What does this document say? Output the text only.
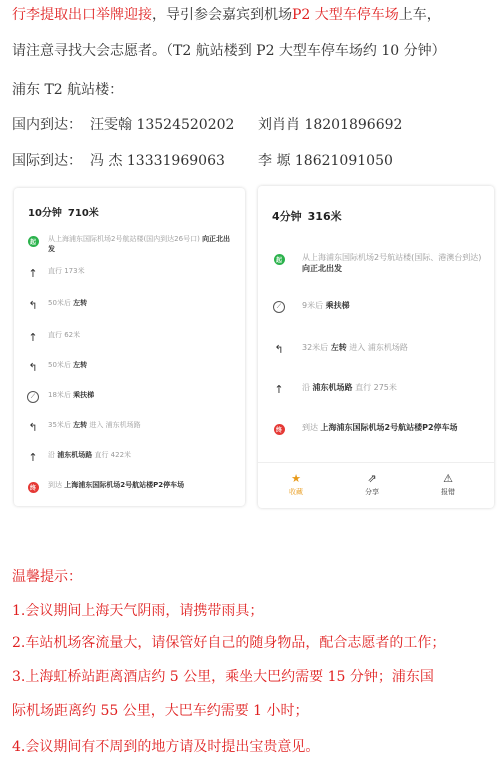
行李提取出口举牌迎接，导引参会嘉宾到机场P2 大型车停车场上车，
请注意寻找大会志愿者。（T2 航站楼到 P2 大型车停车场约 10 分钟）
浦东 T2 航站楼：
国内到达： 汪雯翰 13524520202 刘肖肖 18201896692
国际到达： 冯 杰 13331969063 李 塬 18621091050
10分钟 710米
起	从上海浦东国际机场2号航站楼(国内到达26号口) 向正北出发
↑	直行 173米
↰	50米后 左转
↑	直行 62米
↰	50米后 左转
⟋	18米后 乘扶梯
↰	35米后 左转 进入 浦东机场路
↑	沿 浦东机场路 直行 422米
终	到达 上海浦东国际机场2号航站楼P2停车场
4分钟 316米
起	从上海浦东国际机场2号航站楼(国际、港澳台到达) 向正北出发
⟋	9米后 乘扶梯
↰ 32米后 左转 进入 浦东机场路
↑ 沿 浦东机场路 直行 275米
终	到达 上海浦东国际机场2号航站楼P2停车场
★
收藏
⇗
分享
⚠
报错
温馨提示：
1.会议期间上海天气阴雨，请携带雨具；
2.车站机场客流量大，请保管好自己的随身物品，配合志愿者的工作；
3.上海虹桥站距离酒店约 5 公里，乘坐大巴约需要 15 分钟；浦东国
际机场距离约 55 公里，大巴车约需要 1 小时；
4.会议期间有不周到的地方请及时提出宝贵意见。
